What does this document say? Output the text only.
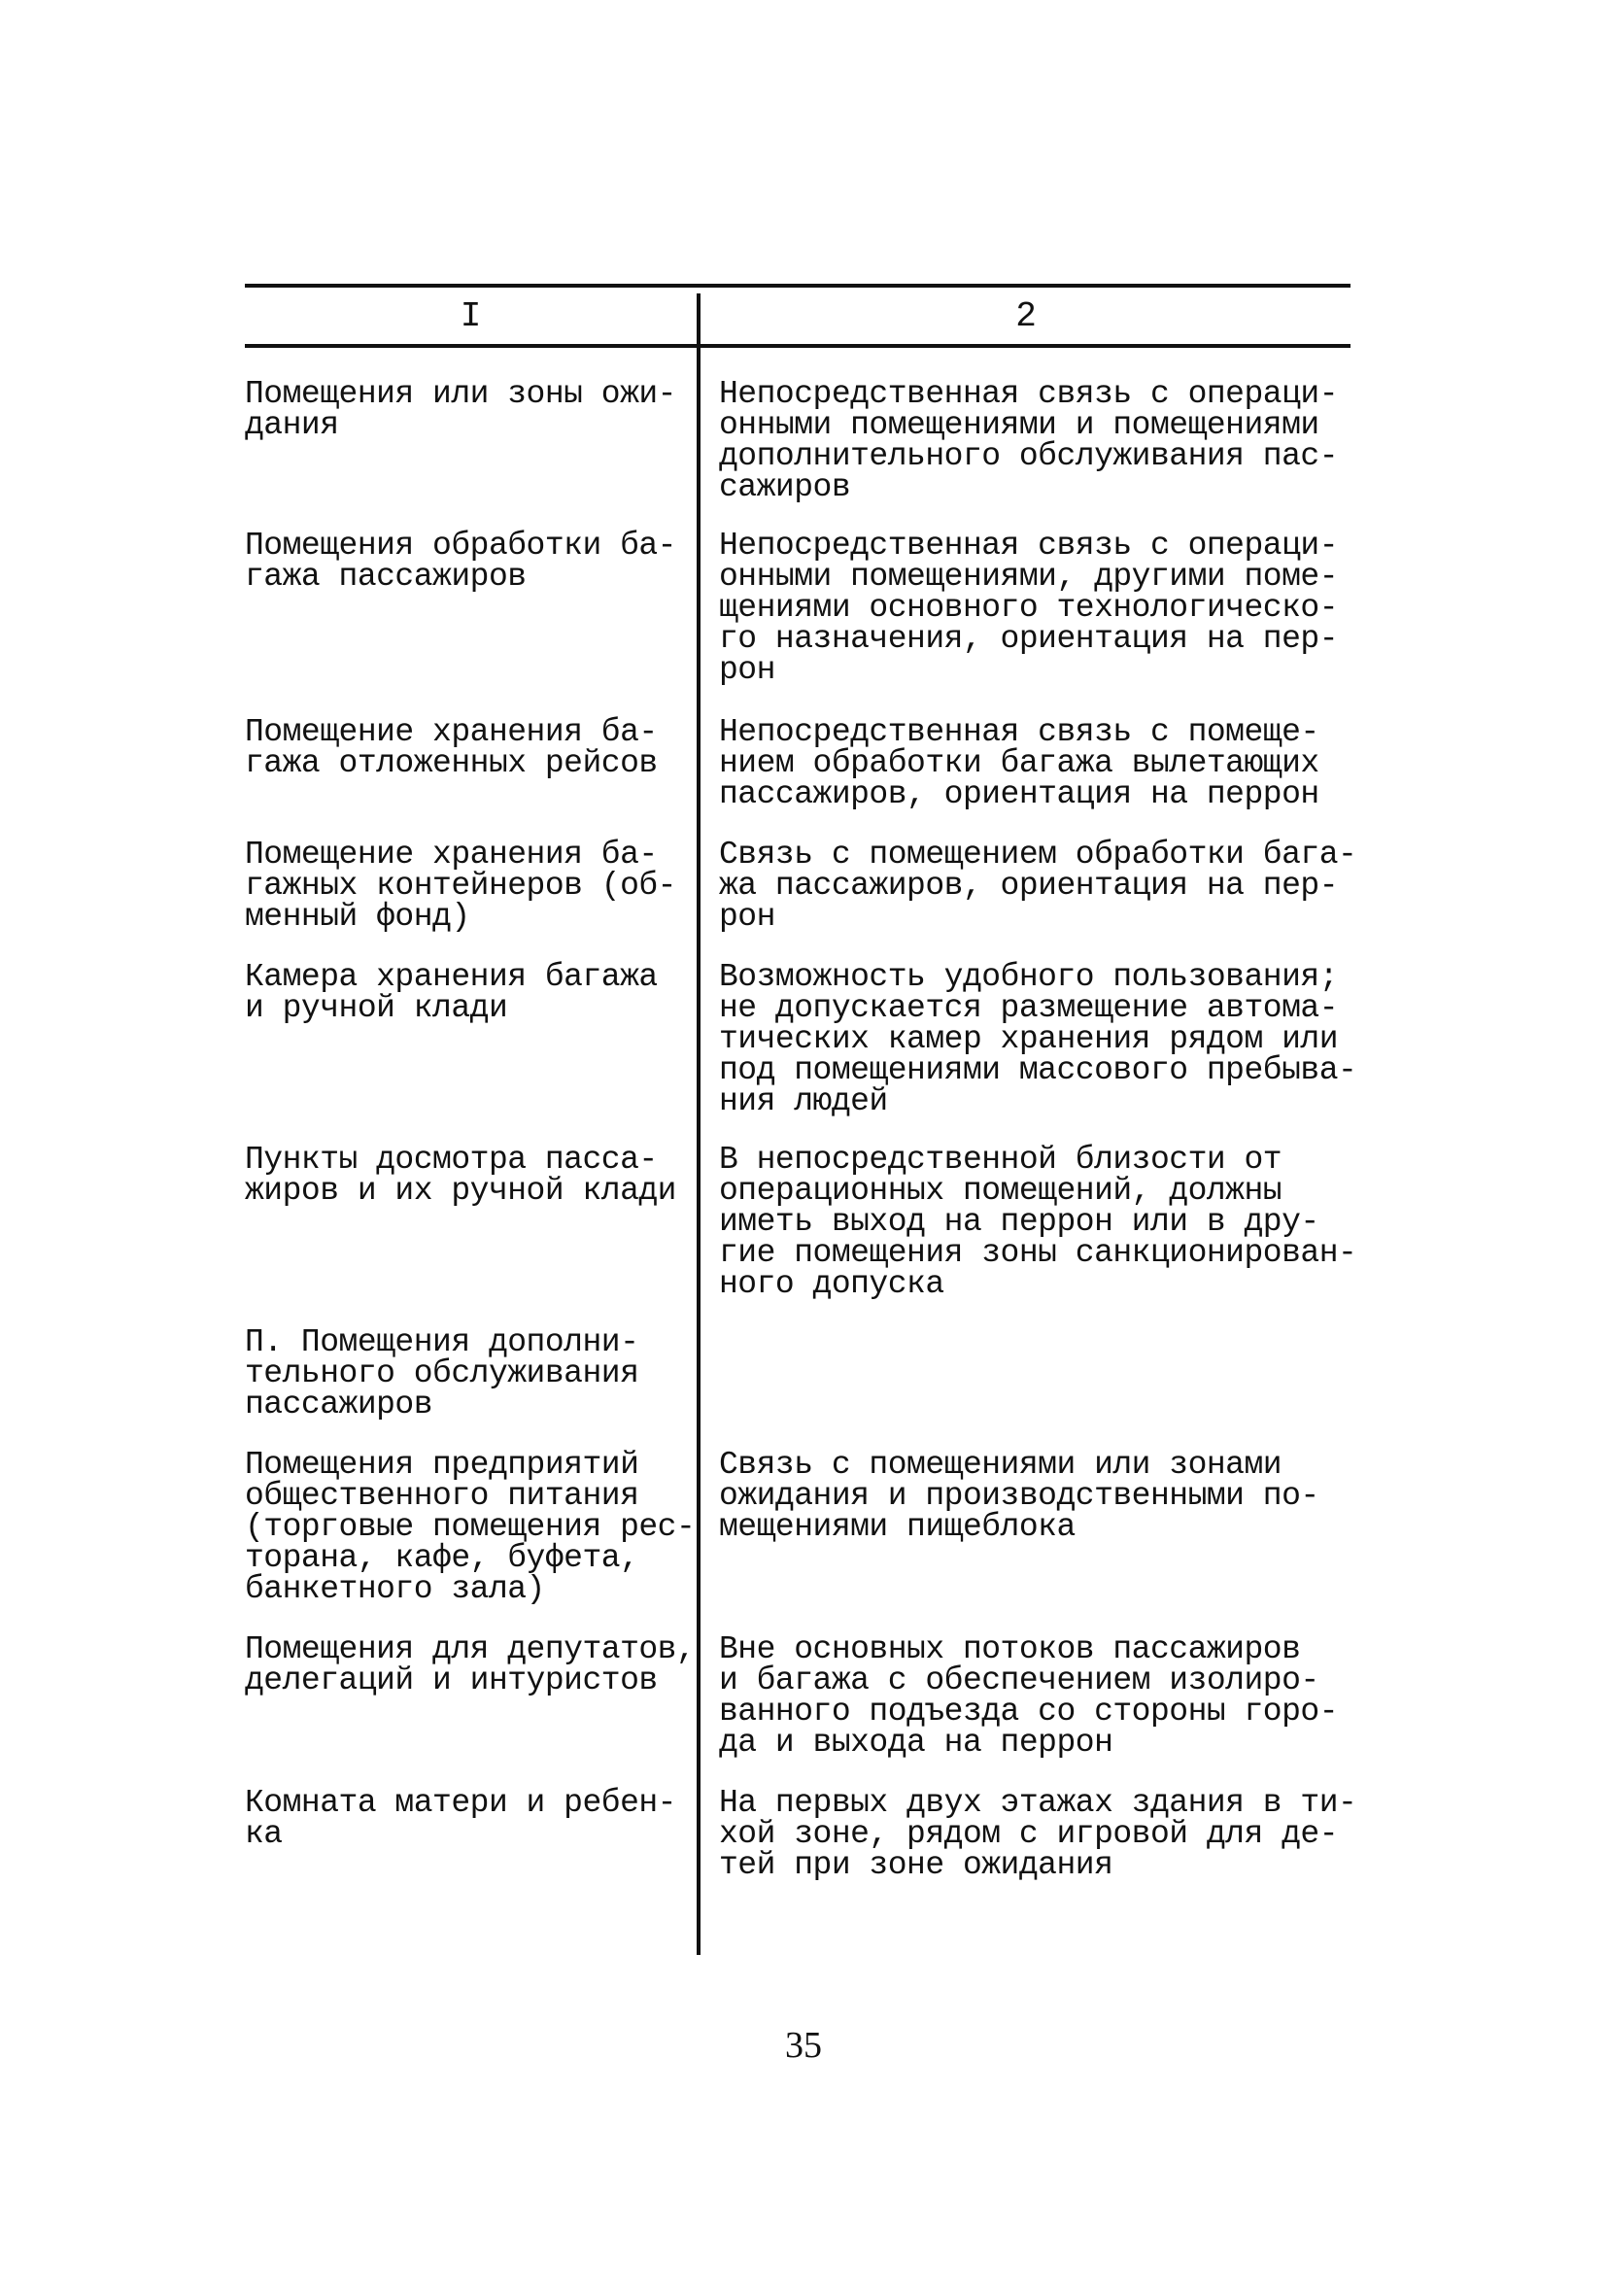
I	2
Помещения или зоны ожи-
дания
Непосредственная связь с операци-
онными помещениями и помещениями
дополнительного обслуживания пас-
сажиров
Помещения обработки ба-
гажа пассажиров
Непосредственная связь с операци-
онными помещениями, другими поме-
щениями основного технологическо-
го назначения, ориентация на пер-
рон
Помещение хранения ба-
гажа отложенных рейсов
Непосредственная связь с помеще-
нием обработки багажа вылетающих
пассажиров, ориентация на перрон
Помещение хранения ба-
гажных контейнеров (об-
менный фонд)
Связь с помещением обработки бага-
жа пассажиров, ориентация на пер-
рон
Камера хранения багажа
и ручной клади
Возможность удобного пользования;
не допускается размещение автома-
тических камер хранения рядом или
под помещениями массового пребыва-
ния людей
Пункты досмотра пасса-
жиров и их ручной клади
В непосредственной близости от
операционных помещений, должны
иметь выход на перрон или в дру-
гие помещения зоны санкционирован-
ного допуска
П. Помещения дополни-
тельного обслуживания
пассажиров
Помещения предприятий
общественного питания
(торговые помещения рес-
торана, кафе, буфета,
банкетного зала)
Связь с помещениями или зонами
ожидания и производственными по-
мещениями пищеблока
Помещения для депутатов,
делегаций и интуристов
Вне основных потоков пассажиров
и багажа с обеспечением изолиро-
ванного подъезда со стороны горо-
да и выхода на перрон
Комната матери и ребен-
ка
На первых двух этажах здания в ти-
хой зоне, рядом с игровой для де-
тей при зоне ожидания
35
